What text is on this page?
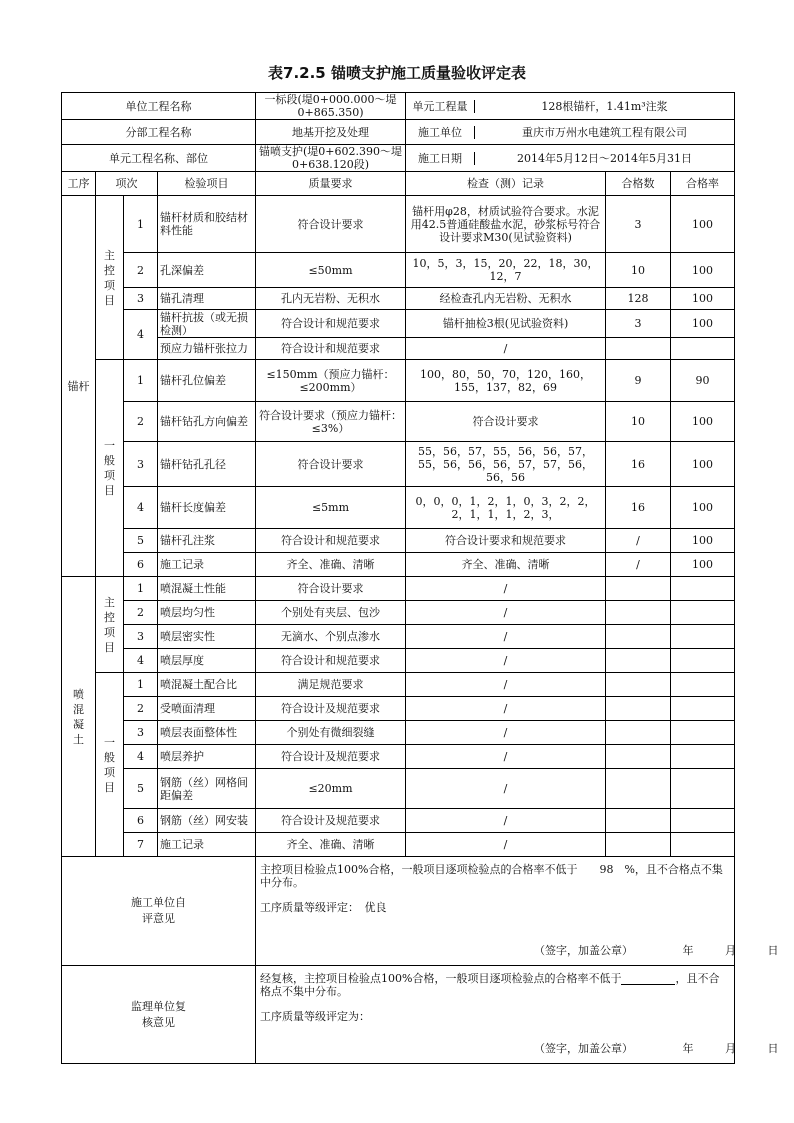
表7.2.5 锚喷支护施工质量验收评定表
单位工程名称	一标段(堤0+000.000～堤0+865.350)		单元工程量	128根锚杆，1.41m³注浆

分部工程名称	地基开挖及处理		施工单位	重庆市万州水电建筑工程有限公司

单元工程名称、部位	锚喷支护(堤0+602.390～堤0+638.120段)		施工日期	2014年5月12日～2014年5月31日

工序	项次	检验项目	质量要求	检查（测）记录	合格数	合格率
锚杆	
主控项目
	1	锚杆材质和胶结材料性能	符合设计要求	锚杆用φ28，材质试验符合要求。水泥用42.5普通硅酸盐水泥，砂浆标号符合设计要求M30(见试验资料)	3	100
2	孔深偏差	≤50mm	10，5，3，15，20，22，18，30，12，7	10	100
3	锚孔清理	孔内无岩粉、无积水	经检查孔内无岩粉、无积水	128	100
4	锚杆抗拔（或无损检测）	符合设计和规范要求	锚杆抽检3根(见试验资料)	3	100
预应力锚杆张拉力	符合设计和规范要求	/		

一般项目
	1	锚杆孔位偏差	≤150mm（预应力锚杆：≤200mm）	100，80，50，70，120，160，155，137，82，69	9	90
2	锚杆钻孔方向偏差	符合设计要求（预应力锚杆：≤3%）	符合设计要求	10	100
3	锚杆钻孔孔径	符合设计要求	55，56，57，55，56，56，57，55，56，56，56，57，57，56，56，56	16	100
4	锚杆长度偏差	≤5mm	0，0，0，1，2，1，0，3，2，2，2，1，1，1，2，3，	16	100
5	锚杆孔注浆	符合设计和规范要求	符合设计要求和规范要求	/	100
6	施工记录	齐全、准确、清晰	齐全、准确、清晰	/	100

喷混凝土

主控项目
	1	喷混凝土性能	符合设计要求	/		
2	喷层均匀性	个别处有夹层、包沙	/		
3	喷层密实性	无滴水、个别点渗水	/		
4	喷层厚度	符合设计和规范要求	/		

一般项目
	1	喷混凝土配合比	满足规范要求	/		
2	受喷面清理	符合设计及规范要求	/		
3	喷层表面整体性	个别处有微细裂缝	/		
4	喷层养护	符合设计及规范要求	/		
5	钢筋（丝）网格间距偏差	≤20mm	/		
6	钢筋（丝）网安装	符合设计及规范要求	/		
7	施工记录	齐全、准确、清晰	/		

施工单位自评意见

主控项目检验点100%合格，一般项目逐项检验点的合格率不低于　　98　%，且不合格点不集中分布。
工序质量等级评定：　优良
（签字，加盖公章）	年	月	日

监理单位复核意见

经复核，主控项目检验点100%合格，一般项目逐项检验点的合格率不低于	，且不合格点不集中分布。
工序质量等级评定为：
（签字，加盖公章）	年	月	日
